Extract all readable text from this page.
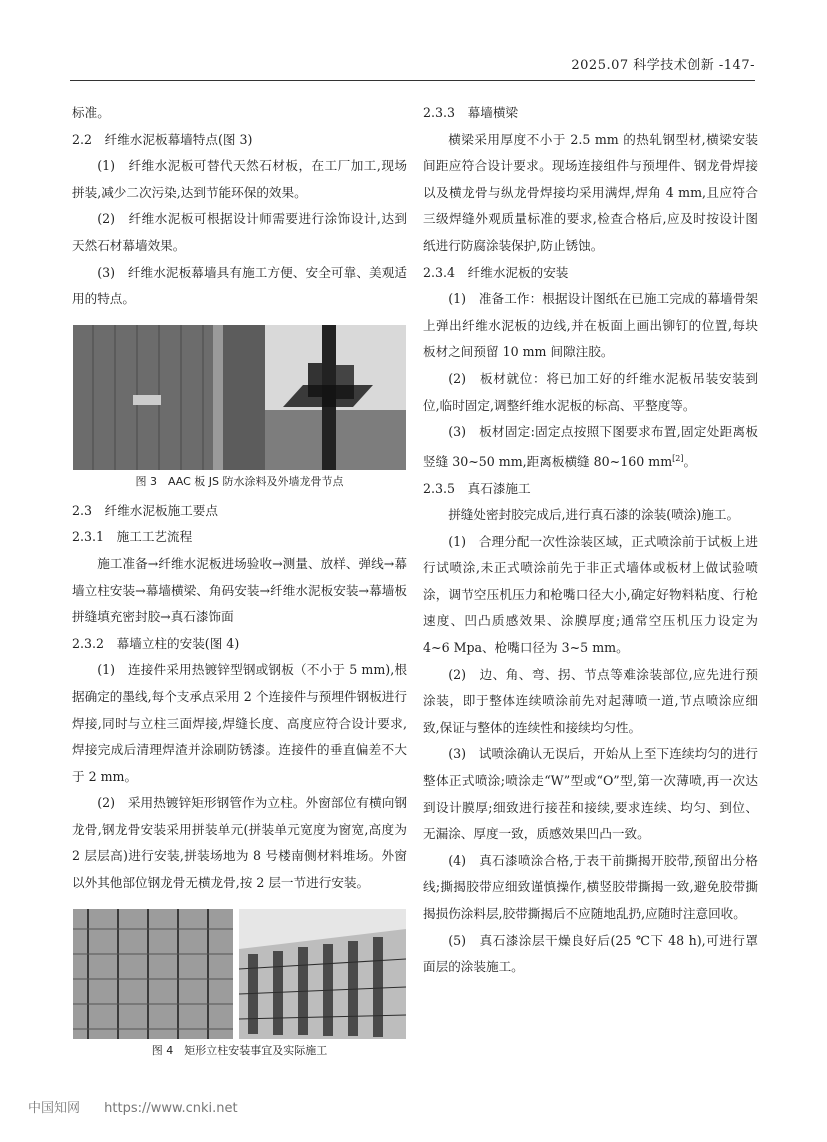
2025.07 科学技术创新 -147-

标准。

2.2　纤维水泥板幕墙特点(图 3)

(1)　纤维水泥板可替代天然石材板，在工厂加工,现场拼装,减少二次污染,达到节能环保的效果。

(2)　纤维水泥板可根据设计师需要进行涂饰设计,达到天然石材幕墙效果。

(3)　纤维水泥板幕墙具有施工方便、安全可靠、美观适用的特点。

图 3　AAC 板 JS 防水涂料及外墙龙骨节点

2.3　纤维水泥板施工要点

2.3.1　施工工艺流程

施工准备→纤维水泥板进场验收→测量、放样、弹线→幕墙立柱安装→幕墙横梁、角码安装→纤维水泥板安装→幕墙板拼缝填充密封胶→真石漆饰面

2.3.2　幕墙立柱的安装(图 4)

(1)　连接件采用热镀锌型钢或钢板（不小于 5 mm),根据确定的墨线,每个支承点采用 2 个连接件与预埋件钢板进行焊接,同时与立柱三面焊接,焊缝长度、高度应符合设计要求,焊接完成后清理焊渣并涂刷防锈漆。连接件的垂直偏差不大于 2 mm。

(2)　采用热镀锌矩形钢管作为立柱。外窗部位有横向钢龙骨,钢龙骨安装采用拼装单元(拼装单元宽度为窗宽,高度为 2 层层高)进行安装,拼装场地为 8 号楼南侧材料堆场。外窗以外其他部位钢龙骨无横龙骨,按 2 层一节进行安装。

图 4　矩形立柱安装事宜及实际施工

2.3.3　幕墙横梁

横梁采用厚度不小于 2.5 mm 的热轧钢型材,横梁安装间距应符合设计要求。现场连接组件与预埋件、钢龙骨焊接以及横龙骨与纵龙骨焊接均采用满焊,焊角 4 mm,且应符合三级焊缝外观质量标准的要求,检查合格后,应及时按设计图纸进行防腐涂装保护,防止锈蚀。

2.3.4　纤维水泥板的安装

(1)　准备工作：根据设计图纸在已施工完成的幕墙骨架上弹出纤维水泥板的边线,并在板面上画出铆钉的位置,每块板材之间预留 10 mm 间隙注胶。

(2)　板材就位：将已加工好的纤维水泥板吊装安装到位,临时固定,调整纤维水泥板的标高、平整度等。

(3)　板材固定:固定点按照下图要求布置,固定处距离板竖缝 30~50 mm,距离板横缝 80~160 mm[2]。

2.3.5　真石漆施工

拼缝处密封胶完成后,进行真石漆的涂装(喷涂)施工。

(1)　合理分配一次性涂装区域，正式喷涂前于试板上进行试喷涂,未正式喷涂前先于非正式墙体或板材上做试验喷涂，调节空压机压力和枪嘴口径大小,确定好物料粘度、行枪速度、凹凸质感效果、涂膜厚度;通常空压机压力设定为 4~6 Mpa、枪嘴口径为 3~5 mm。

(2)　边、角、弯、拐、节点等难涂装部位,应先进行预涂装，即于整体连续喷涂前先对起薄喷一道,节点喷涂应细致,保证与整体的连续性和接续均匀性。

(3)　试喷涂确认无误后，开始从上至下连续均匀的进行整体正式喷涂;喷涂走“W”型或“O”型,第一次薄喷,再一次达到设计膜厚;细致进行接茬和接续,要求连续、均匀、到位、无漏涂、厚度一致，质感效果凹凸一致。

(4)　真石漆喷涂合格,于表干前撕揭开胶带,预留出分格线;撕揭胶带应细致谨慎操作,横竖胶带撕揭一致,避免胶带撕揭损伤涂料层,胶带撕揭后不应随地乱扔,应随时注意回收。

(5)　真石漆涂层干燥良好后(25 ℃下 48 h),可进行罩面层的涂装施工。

中国知网 https://www.cnki.net
